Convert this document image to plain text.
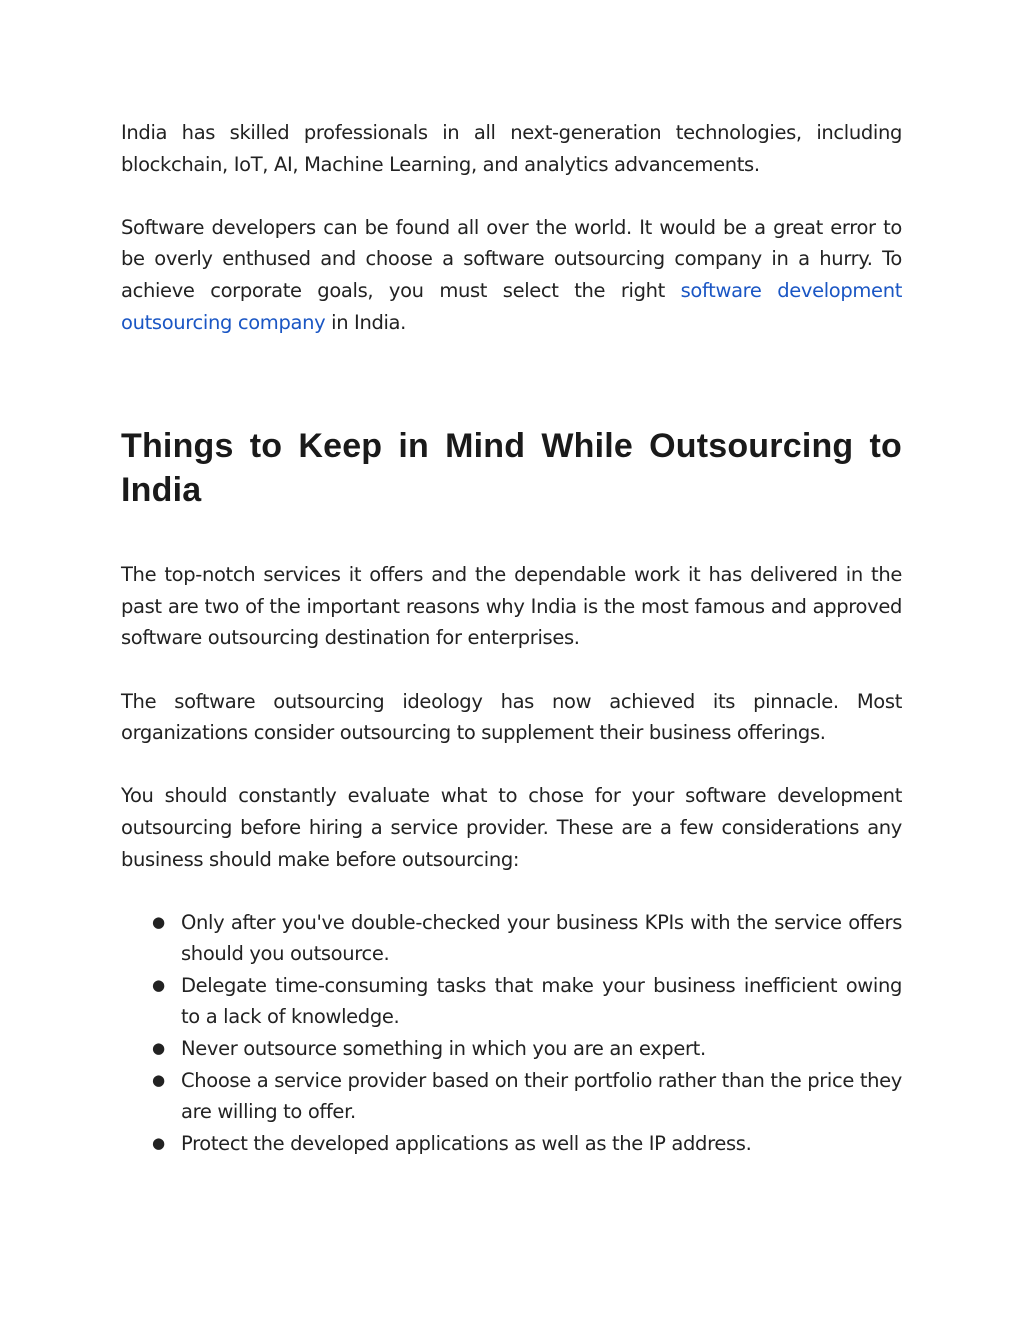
India has skilled professionals in all next-generation technologies, including blockchain, IoT, AI, Machine Learning, and analytics advancements.

Software developers can be found all over the world. It would be a great error to be overly enthused and choose a software outsourcing company in a hurry. To achieve corporate goals, you must select the right software development outsourcing company in India.

Things to Keep in Mind While Outsourcing to India

The top-notch services it offers and the dependable work it has delivered in the past are two of the important reasons why India is the most famous and approved software outsourcing destination for enterprises.

The software outsourcing ideology has now achieved its pinnacle. Most organizations consider outsourcing to supplement their business offerings.

You should constantly evaluate what to chose for your software development outsourcing before hiring a service provider. These are a few considerations any business should make before outsourcing:

● Only after you've double-checked your business KPIs with the service offers should you outsource.
● Delegate time-consuming tasks that make your business inefficient owing to a lack of knowledge.
● Never outsource something in which you are an expert.
● Choose a service provider based on their portfolio rather than the price they are willing to offer.
● Protect the developed applications as well as the IP address.
